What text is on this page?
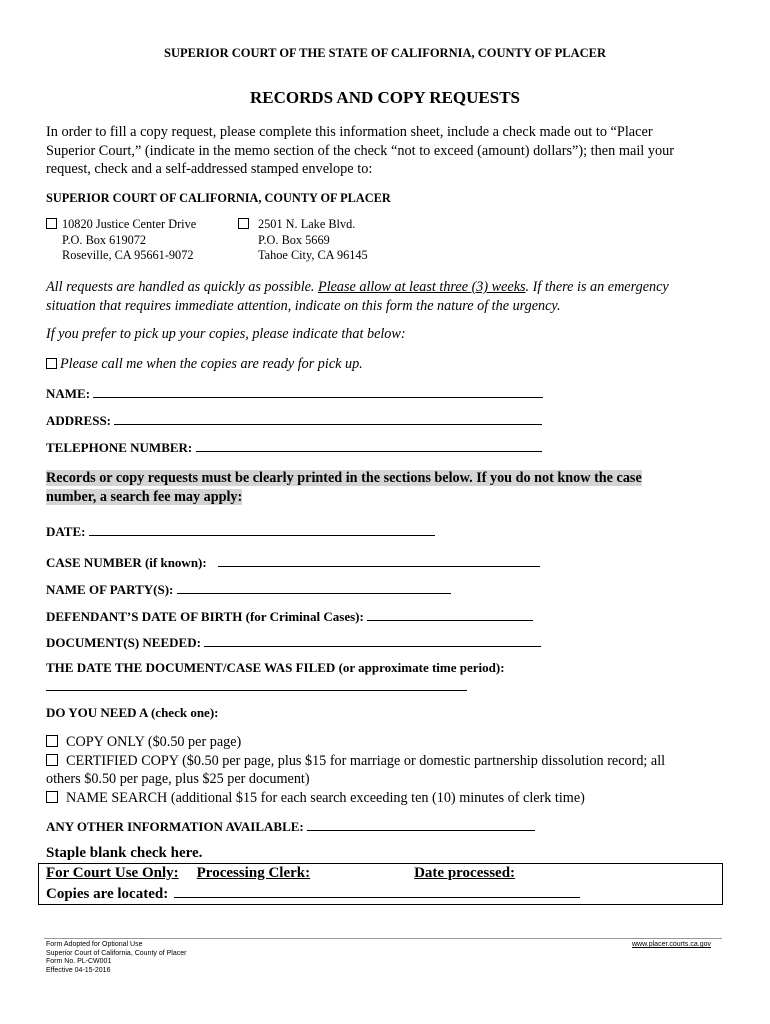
SUPERIOR COURT OF THE STATE OF CALIFORNIA, COUNTY OF PLACER
RECORDS AND COPY REQUESTS
In order to fill a copy request, please complete this information sheet, include a check made out to “Placer
Superior Court,” (indicate in the memo section of the check “not to exceed (amount) dollars”); then mail your
request, check and a self-addressed stamped envelope to:
SUPERIOR COURT OF CALIFORNIA, COUNTY OF PLACER
10820 Justice Center Drive
P.O. Box 619072
Roseville, CA 95661-9072
2501 N. Lake Blvd.
P.O. Box 5669
Tahoe City, CA 96145
All requests are handled as quickly as possible. Please allow at least three (3) weeks. If there is an emergency
situation that requires immediate attention, indicate on this form the nature of the urgency.
If you prefer to pick up your copies, please indicate that below:
Please call me when the copies are ready for pick up.
NAME:
ADDRESS:
TELEPHONE NUMBER:
Records or copy requests must be clearly printed in the sections below. If you do not know the case
number, a search fee may apply:
DATE:
CASE NUMBER (if known):
NAME OF PARTY(S):
DEFENDANT’S DATE OF BIRTH (for Criminal Cases):
DOCUMENT(S) NEEDED:
THE DATE THE DOCUMENT/CASE WAS FILED (or approximate time period):
DO YOU NEED A (check one):
COPY ONLY ($0.50 per page)
CERTIFIED COPY ($0.50 per page, plus $15 for marriage or domestic partnership dissolution record; all
others $0.50 per page, plus $25 per document)
NAME SEARCH (additional $15 for each search exceeding ten (10) minutes of clerk time)
ANY OTHER INFORMATION AVAILABLE:
Staple blank check here.
For Court Use Only: Processing Clerk:	Date processed:
Copies are located:
Form Adopted for Optional Use
Superior Court of California, County of Placer
Form No. PL-CW001
Effective 04-15-2016
www.placer.courts.ca.gov
